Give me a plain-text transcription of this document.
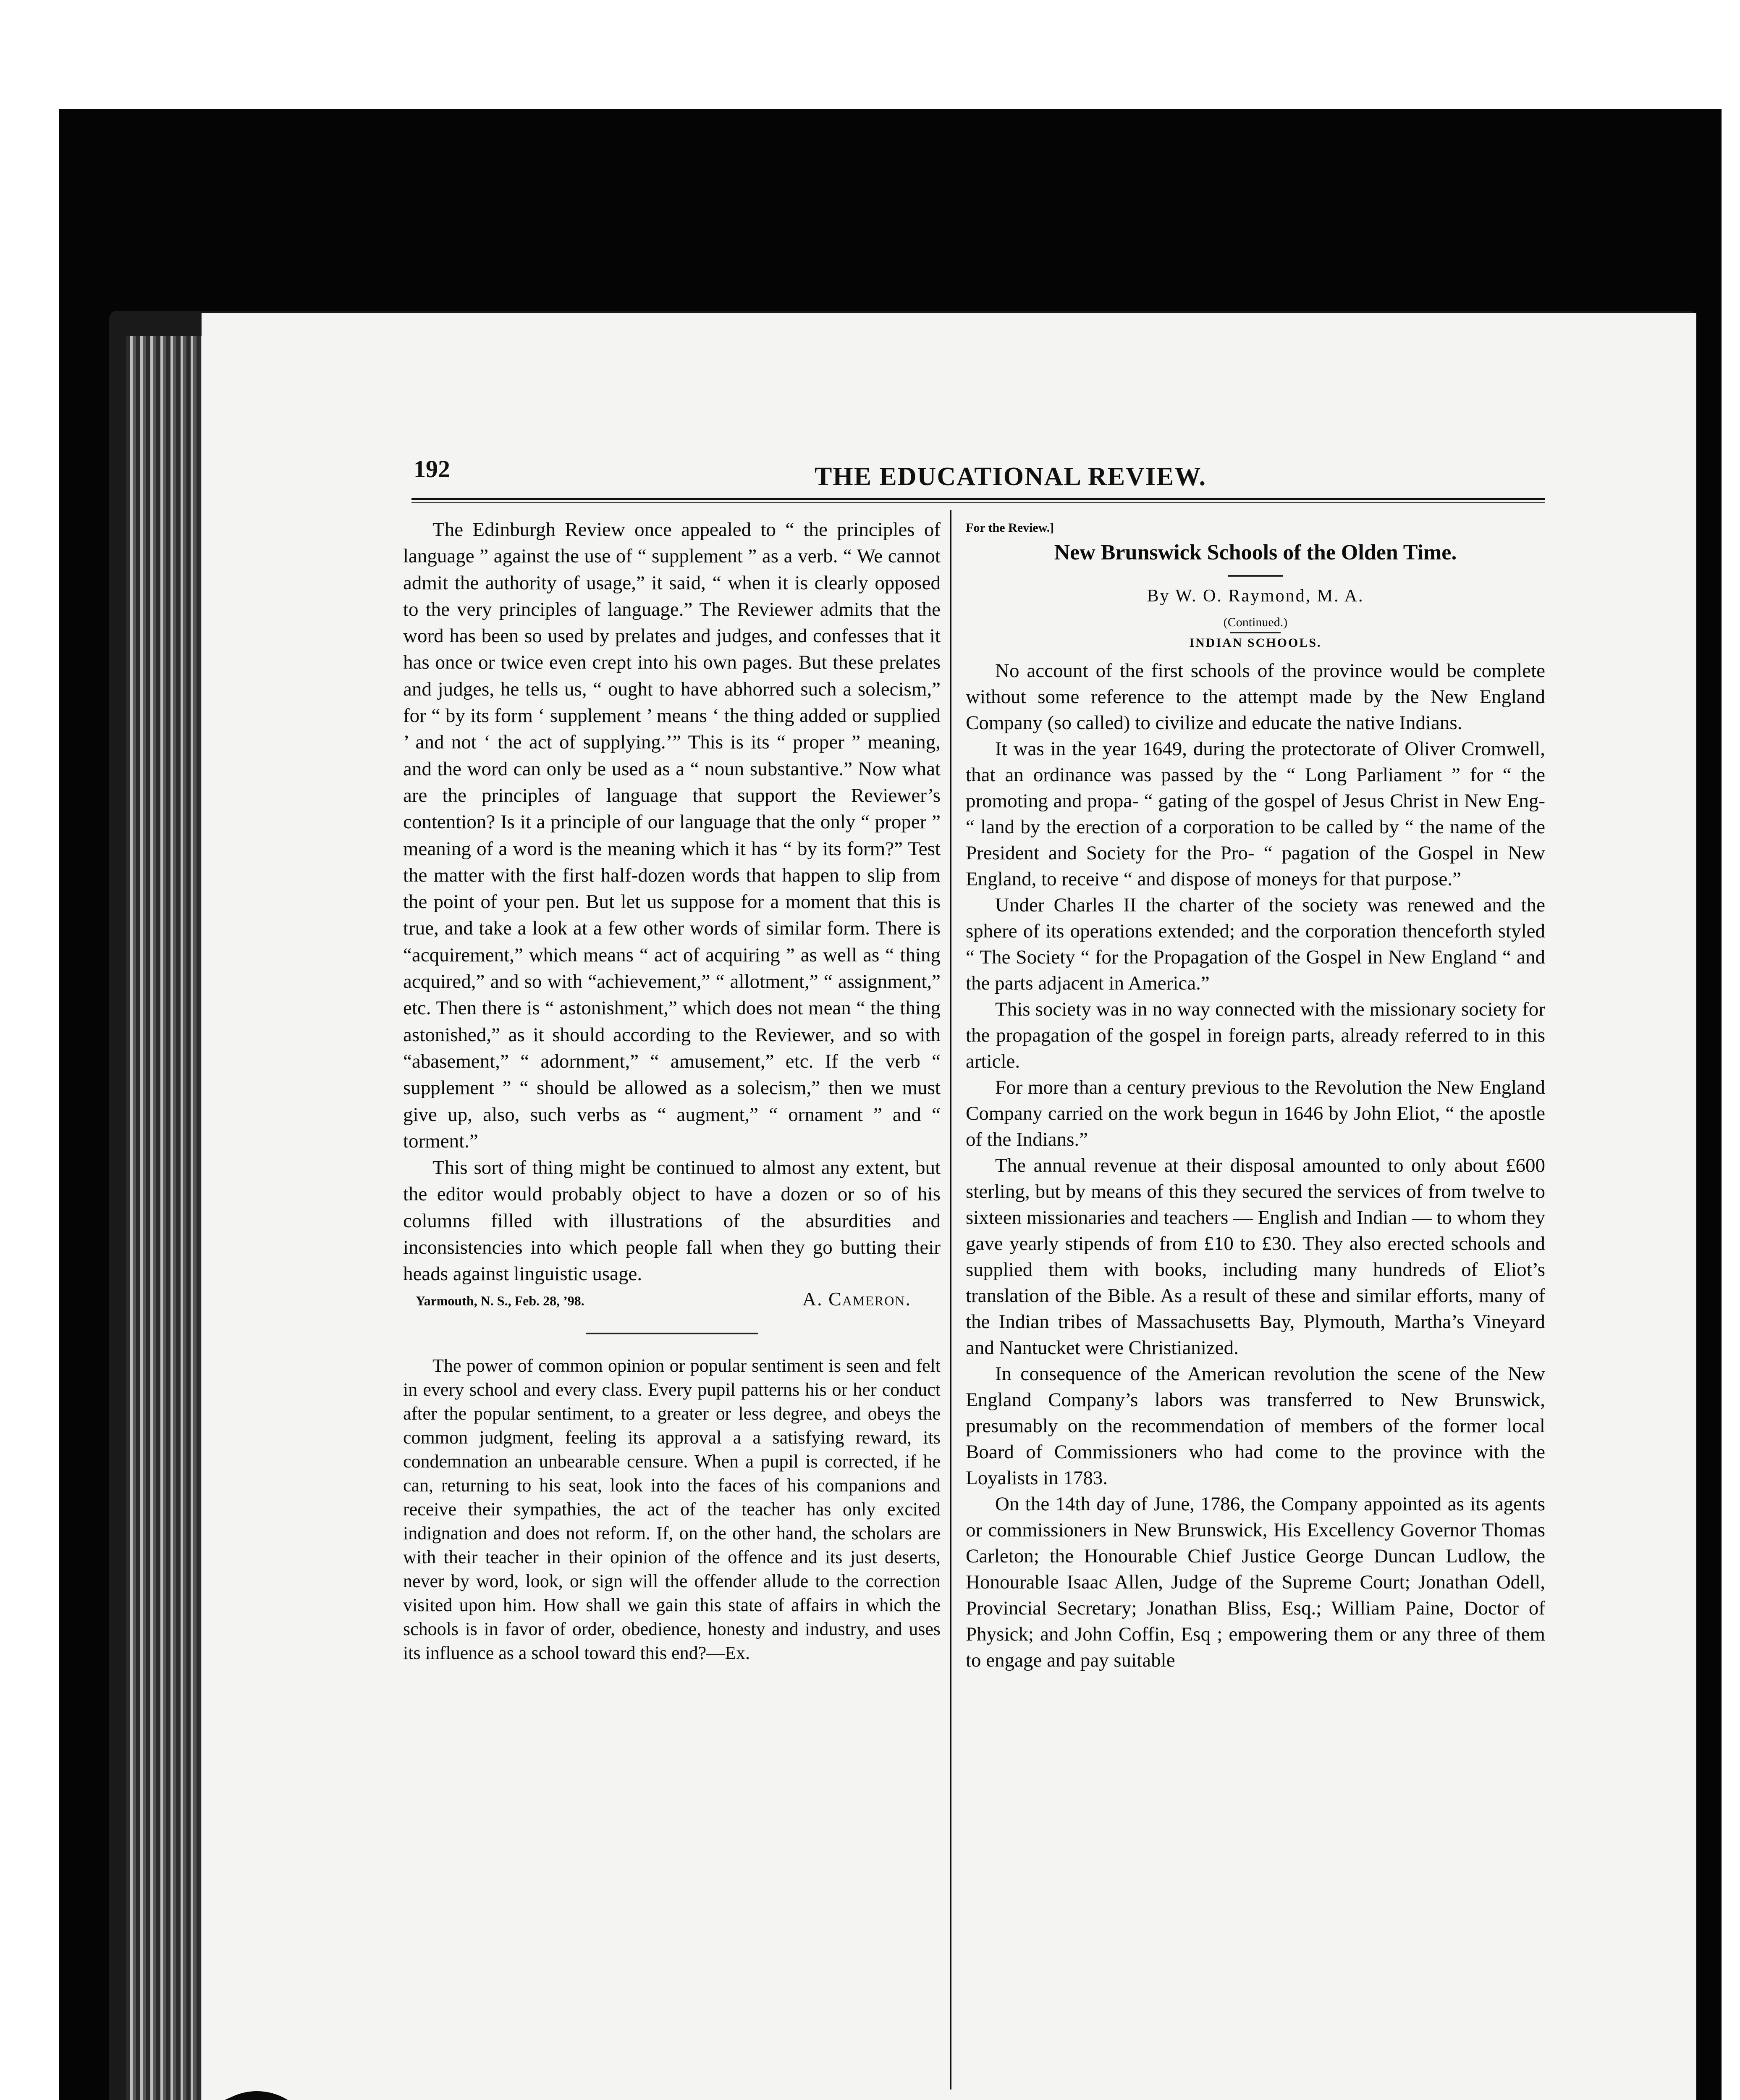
192	THE EDUCATIONAL REVIEW.

The Edinburgh Review once appealed to “ the principles of language ” against the use of “ supplement ” as a verb. “ We cannot admit the authority of usage,” it said, “ when it is clearly opposed to the very principles of language.” The Reviewer admits that the word has been so used by prelates and judges, and confesses that it has once or twice even crept into his own pages. But these prelates and judges, he tells us, “ ought to have abhorred such a solecism,” for “ by its form ‘ supplement ’ means ‘ the thing added or supplied ’ and not ‘ the act of supplying.’” This is its “ proper ” meaning, and the word can only be used as a “ noun substantive.” Now what are the principles of language that support the Reviewer’s contention? Is it a principle of our language that the only “ proper ” meaning of a word is the meaning which it has “ by its form?” Test the matter with the first half-dozen words that happen to slip from the point of your pen. But let us suppose for a moment that this is true, and take a look at a few other words of similar form. There is “acquirement,” which means “ act of acquiring ” as well as “ thing acquired,” and so with “achievement,” “ allotment,” “ assignment,” etc. Then there is “ astonishment,” which does not mean “ the thing astonished,” as it should according to the Reviewer, and so with “abasement,” “ adornment,” “ amusement,” etc. If the verb “ supplement ” “ should be allowed as a solecism,” then we must give up, also, such verbs as “ augment,” “ ornament ” and “ torment.”

This sort of thing might be continued to almost any extent, but the editor would probably object to have a dozen or so of his columns filled with illustrations of the absurdities and inconsistencies into which people fall when they go butting their heads against linguistic usage.

Yarmouth, N. S., Feb. 28, ’98.	A. Cameron.

The power of common opinion or popular sentiment is seen and felt in every school and every class. Every pupil patterns his or her conduct after the popular sentiment, to a greater or less degree, and obeys the common judgment, feeling its approval a a satisfying reward, its condemnation an unbearable censure. When a pupil is corrected, if he can, returning to his seat, look into the faces of his companions and receive their sympathies, the act of the teacher has only excited indignation and does not reform. If, on the other hand, the scholars are with their teacher in their opinion of the offence and its just deserts, never by word, look, or sign will the offender allude to the correction visited upon him. How shall we gain this state of affairs in which the schools is in favor of order, obedience, honesty and industry, and uses its influence as a school toward this end?—Ex.

For the Review.]
New Brunswick Schools of the Olden Time.
By W. O. Raymond, M. A.
(Continued.)
INDIAN SCHOOLS.

No account of the first schools of the province would be complete without some reference to the attempt made by the New England Company (so called) to civilize and educate the native Indians.

It was in the year 1649, during the protectorate of Oliver Cromwell, that an ordinance was passed by the “ Long Parliament ” for “ the promoting and propa- “ gating of the gospel of Jesus Christ in New Eng- “ land by the erection of a corporation to be called by “ the name of the President and Society for the Pro- “ pagation of the Gospel in New England, to receive “ and dispose of moneys for that purpose.”

Under Charles II the charter of the society was renewed and the sphere of its operations extended; and the corporation thenceforth styled “ The Society “ for the Propagation of the Gospel in New England “ and the parts adjacent in America.”

This society was in no way connected with the missionary society for the propagation of the gospel in foreign parts, already referred to in this article.

For more than a century previous to the Revolution the New England Company carried on the work begun in 1646 by John Eliot, “ the apostle of the Indians.”

The annual revenue at their disposal amounted to only about £600 sterling, but by means of this they secured the services of from twelve to sixteen missionaries and teachers — English and Indian — to whom they gave yearly stipends of from £10 to £30. They also erected schools and supplied them with books, including many hundreds of Eliot’s translation of the Bible. As a result of these and similar efforts, many of the Indian tribes of Massachusetts Bay, Plymouth, Martha’s Vineyard and Nantucket were Christianized.

In consequence of the American revolution the scene of the New England Company’s labors was transferred to New Brunswick, presumably on the recommendation of members of the former local Board of Commissioners who had come to the province with the Loyalists in 1783.

On the 14th day of June, 1786, the Company appointed as its agents or commissioners in New Brunswick, His Excellency Governor Thomas Carleton; the Honourable Chief Justice George Duncan Ludlow, the Honourable Isaac Allen, Judge of the Supreme Court; Jonathan Odell, Provincial Secretary; Jonathan Bliss, Esq.; William Paine, Doctor of Physick; and John Coffin, Esq ; empowering them or any three of them to engage and pay suitable
